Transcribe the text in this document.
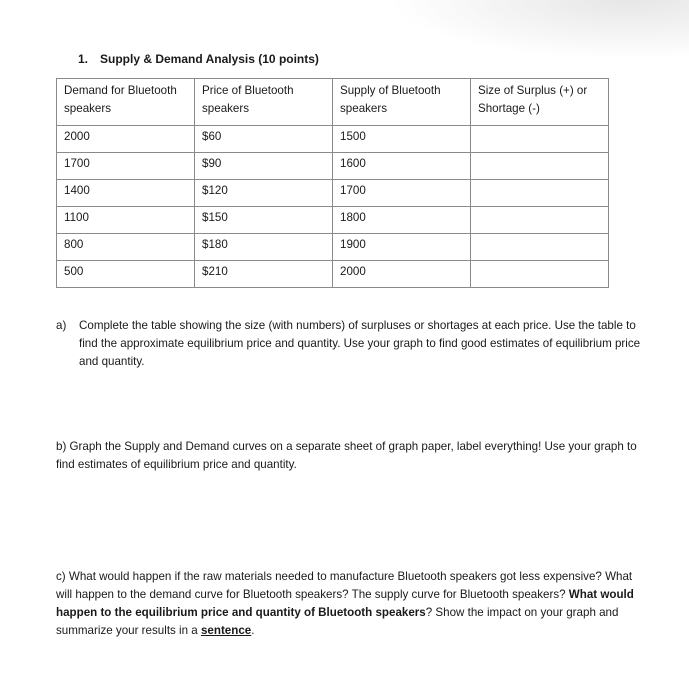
1. Supply & Demand Analysis (10 points)
Demand for Bluetooth speakers	Price of Bluetooth speakers	Supply of Bluetooth speakers	Size of Surplus (+) or Shortage (-)
2000	$60	1500	
1700	$90	1600	
1400	$120	1700	
1100	$150	1800	
800	$180	1900	
500	$210	2000	
a) Complete the table showing the size (with numbers) of surpluses or shortages at each price. Use the table to find the approximate equilibrium price and quantity. Use your graph to find good estimates of equilibrium price and quantity.
b) Graph the Supply and Demand curves on a separate sheet of graph paper, label everything! Use your graph to find estimates of equilibrium price and quantity.
c) What would happen if the raw materials needed to manufacture Bluetooth speakers got less expensive? What will happen to the demand curve for Bluetooth speakers? The supply curve for Bluetooth speakers? What would happen to the equilibrium price and quantity of Bluetooth speakers? Show the impact on your graph and summarize your results in a sentence.
